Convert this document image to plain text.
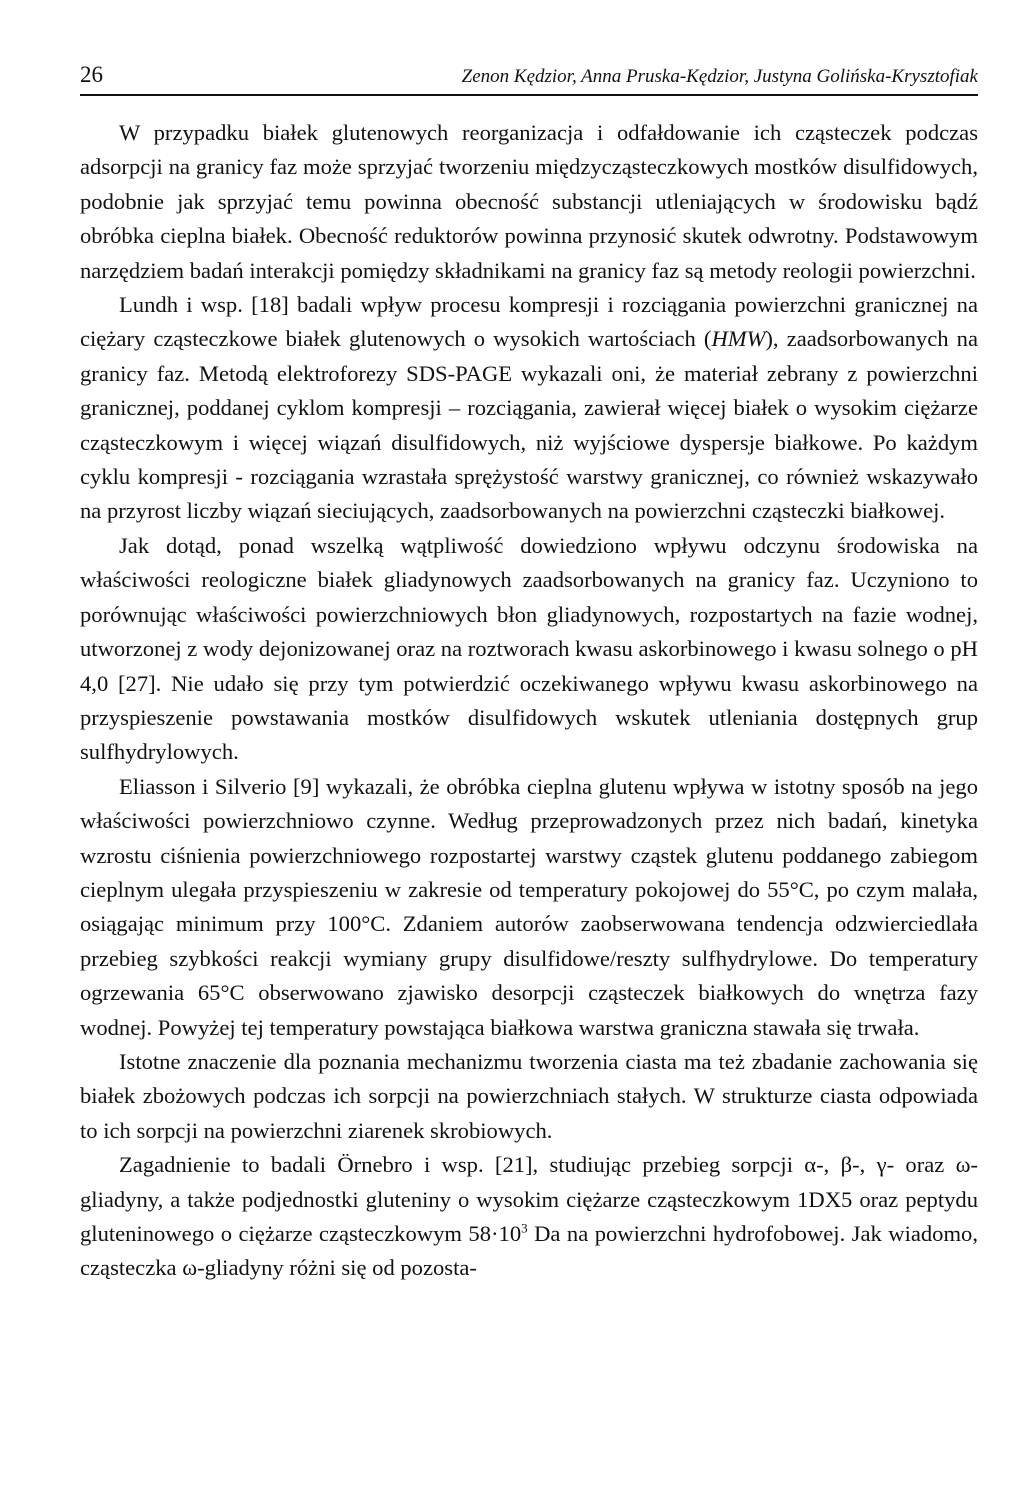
26	Zenon Kędzior, Anna Pruska-Kędzior, Justyna Golińska-Krysztofiak

W przypadku białek glutenowych reorganizacja i odfałdowanie ich cząsteczek podczas adsorpcji na granicy faz może sprzyjać tworzeniu międzycząsteczkowych mostków disulfidowych, podobnie jak sprzyjać temu powinna obecność substancji utleniających w środowisku bądź obróbka cieplna białek. Obecność reduktorów powinna przynosić skutek odwrotny. Podstawowym narzędziem badań interakcji pomiędzy składnikami na granicy faz są metody reologii powierzchni.

Lundh i wsp. [18] badali wpływ procesu kompresji i rozciągania powierzchni granicznej na ciężary cząsteczkowe białek glutenowych o wysokich wartościach (HMW), zaadsorbowanych na granicy faz. Metodą elektroforezy SDS-PAGE wykazali oni, że materiał zebrany z powierzchni granicznej, poddanej cyklom kompresji – rozciągania, zawierał więcej białek o wysokim ciężarze cząsteczkowym i więcej wiązań disulfidowych, niż wyjściowe dyspersje białkowe. Po każdym cyklu kompresji - rozciągania wzrastała sprężystość warstwy granicznej, co również wskazywało na przyrost liczby wiązań sieciujących, zaadsorbowanych na powierzchni cząsteczki białkowej.

Jak dotąd, ponad wszelką wątpliwość dowiedziono wpływu odczynu środowiska na właściwości reologiczne białek gliadynowych zaadsorbowanych na granicy faz. Uczyniono to porównując właściwości powierzchniowych błon gliadynowych, rozpostartych na fazie wodnej, utworzonej z wody dejonizowanej oraz na roztworach kwasu askorbinowego i kwasu solnego o pH 4,0 [27]. Nie udało się przy tym potwierdzić oczekiwanego wpływu kwasu askorbinowego na przyspieszenie powstawania mostków disulfidowych wskutek utleniania dostępnych grup sulfhydrylowych.

Eliasson i Silverio [9] wykazali, że obróbka cieplna glutenu wpływa w istotny sposób na jego właściwości powierzchniowo czynne. Według przeprowadzonych przez nich badań, kinetyka wzrostu ciśnienia powierzchniowego rozpostartej warstwy cząstek glutenu poddanego zabiegom cieplnym ulegała przyspieszeniu w zakresie od temperatury pokojowej do 55°C, po czym malała, osiągając minimum przy 100°C. Zdaniem autorów zaobserwowana tendencja odzwierciedlała przebieg szybkości reakcji wymiany grupy disulfidowe/reszty sulfhydrylowe. Do temperatury ogrzewania 65°C obserwowano zjawisko desorpcji cząsteczek białkowych do wnętrza fazy wodnej. Powyżej tej temperatury powstająca białkowa warstwa graniczna stawała się trwała.

Istotne znaczenie dla poznania mechanizmu tworzenia ciasta ma też zbadanie zachowania się białek zbożowych podczas ich sorpcji na powierzchniach stałych. W strukturze ciasta odpowiada to ich sorpcji na powierzchni ziarenek skrobiowych.

Zagadnienie to badali Örnebro i wsp. [21], studiując przebieg sorpcji α-, β-, γ- oraz ω-gliadyny, a także podjednostki gluteniny o wysokim ciężarze cząsteczkowym 1DX5 oraz peptydu gluteninowego o ciężarze cząsteczkowym $58\cdot 10^3$ Da na powierzchni hydrofobowej. Jak wiadomo, cząsteczka ω-gliadyny różni się od pozosta-
